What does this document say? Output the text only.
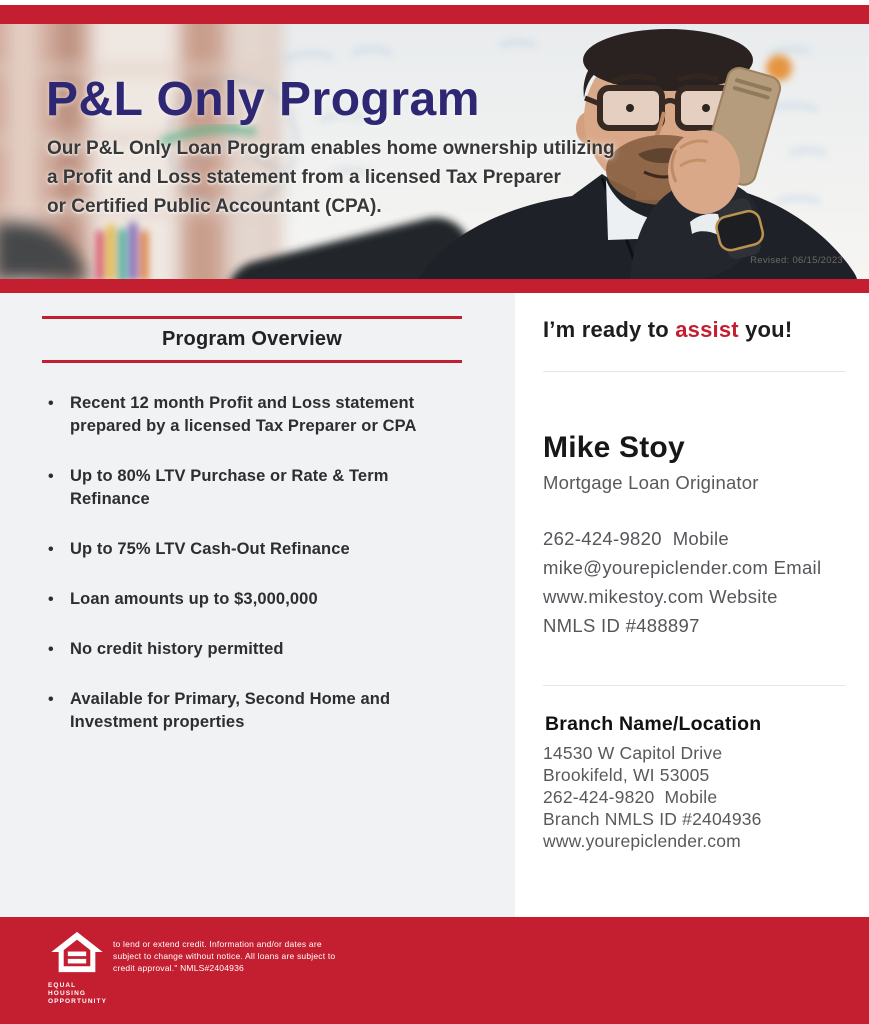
P&L Only Program
Our P&L Only Loan Program enables home ownership utilizing
a Profit and Loss statement from a licensed Tax Preparer
or Certified Public Accountant (CPA).
Revised: 06/15/2023
Program Overview
• Recent 12 month Profit and Loss statement prepared by a licensed Tax Preparer or CPA
• Up to 80% LTV Purchase or Rate & Term Refinance
• Up to 75% LTV Cash-Out Refinance
• Loan amounts up to $3,000,000
• No credit history permitted
• Available for Primary, Second Home and Investment properties
I’m ready to assist you!
Mike Stoy
Mortgage Loan Originator
262-424-9820  Mobile
mike@yourepiclender.com Email
www.mikestoy.com Website
NMLS ID #488897
Branch Name/Location
14530 W Capitol Drive
Brookifeld, WI 53005
262-424-9820  Mobile
Branch NMLS ID #2404936
www.yourepiclender.com
EQUAL HOUSING
OPPORTUNITY
to lend or extend credit. Information and/or dates are
subject to change without notice. All loans are subject to
credit approval." NMLS#2404936
